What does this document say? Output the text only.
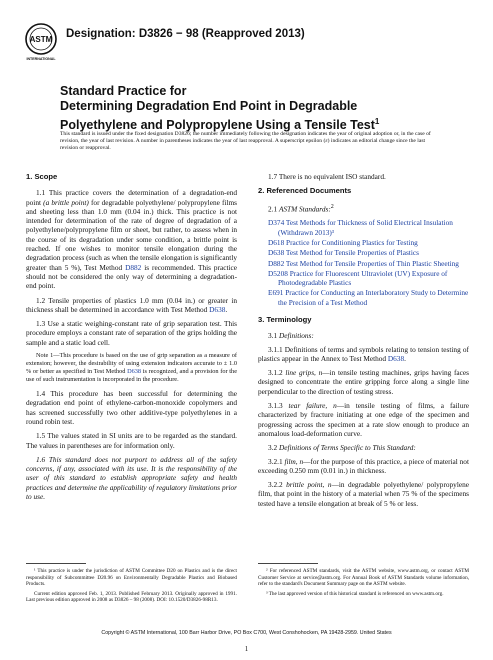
ASTM
INTERNATIONAL
Designation: D3826 − 98 (Reapproved 2013)
Standard Practice for
Determining Degradation End Point in Degradable
Polyethylene and Polypropylene Using a Tensile Test$^1$
This standard is issued under the fixed designation D3826; the number immediately following the designation indicates the year of original adoption or, in the case of revision, the year of last revision. A number in parentheses indicates the year of last reapproval. A superscript epsilon (ε) indicates an editorial change since the last revision or reapproval.
1. Scope
1.1 This practice covers the determination of a degradation-end point (a brittle point) for degradable polyethylene/ polypropylene films and sheeting less than 1.0 mm (0.04 in.) thick. This practice is not intended for determination of the rate of degree of degradation of a polyethylene/polypropylene film or sheet, but rather, to assess when in the course of its degradation under some condition, a brittle point is reached. If one wishes to monitor tensile elongation during the degradation process (such as when the tensile elongation is significantly greater than 5 %), Test Method D882 is recommended. This practice should not be considered the only way of determining a degradation-end point.
1.2 Tensile properties of plastics 1.0 mm (0.04 in.) or greater in thickness shall be determined in accordance with Test Method D638.
1.3 Use a static weighing-constant rate of grip separation test. This procedure employs a constant rate of separation of the grips holding the sample and a static load cell.
Note 1—This procedure is based on the use of grip separation as a measure of extension; however, the desirability of using extension indicators accurate to ± 1.0 % or better as specified in Test Method D638 is recognized, and a provision for the use of such instrumentation is incorporated in the procedure.
1.4 This procedure has been successful for determining the degradation end point of ethylene-carbon-monoxide copolymers and has screened successfully two other additive-type polyethylenes in a round robin test.
1.5 The values stated in SI units are to be regarded as the standard. The values in parentheses are for information only.
1.6 This standard does not purport to address all of the safety concerns, if any, associated with its use. It is the responsibility of the user of this standard to establish appropriate safety and health practices and determine the applicability of regulatory limitations prior to use.
1.7 There is no equivalent ISO standard.
2. Referenced Documents
2.1 ASTM Standards:$^2$
D374 Test Methods for Thickness of Solid Electrical Insulation (Withdrawn 2013)³
D618 Practice for Conditioning Plastics for Testing
D638 Test Method for Tensile Properties of Plastics
D882 Test Method for Tensile Properties of Thin Plastic Sheeting
D5208 Practice for Fluorescent Ultraviolet (UV) Exposure of Photodegradable Plastics
E691 Practice for Conducting an Interlaboratory Study to Determine the Precision of a Test Method
3. Terminology
3.1 Definitions:
3.1.1 Definitions of terms and symbols relating to tension testing of plastics appear in the Annex to Test Method D638.
3.1.2 line grips, n—in tensile testing machines, grips having faces designed to concentrate the entire gripping force along a single line perpendicular to the direction of testing stress.
3.1.3 tear failure, n—in tensile testing of films, a failure characterized by fracture initiating at one edge of the specimen and progressing across the specimen at a rate slow enough to produce an anomalous load-deformation curve.
3.2 Definitions of Terms Specific to This Standard:
3.2.1 film, n—for the purpose of this practice, a piece of material not exceeding 0.250 mm (0.01 in.) in thickness.
3.2.2 brittle point, n—in degradable polyethylene/ polypropylene film, that point in the history of a material when 75 % of the specimens tested have a tensile elongation at break of 5 % or less.

¹ This practice is under the jurisdiction of ASTM Committee D20 on Plastics and is the direct responsibility of Subcommittee D20.96 on Environmentally Degradable Plastics and Biobased Products.

Current edition approved Feb. 1, 2013. Published February 2013. Originally approved in 1991. Last previous edition approved in 2008 as D3826 – 98 (2008). DOI: 10.1520/D3826-98R13.

² For referenced ASTM standards, visit the ASTM website, www.astm.org, or contact ASTM Customer Service at service@astm.org. For Annual Book of ASTM Standards volume information, refer to the standard's Document Summary page on the ASTM website.

³ The last approved version of this historical standard is referenced on www.astm.org.

Copyright © ASTM International, 100 Barr Harbor Drive, PO Box C700, West Conshohocken, PA 19428-2959. United States
1
